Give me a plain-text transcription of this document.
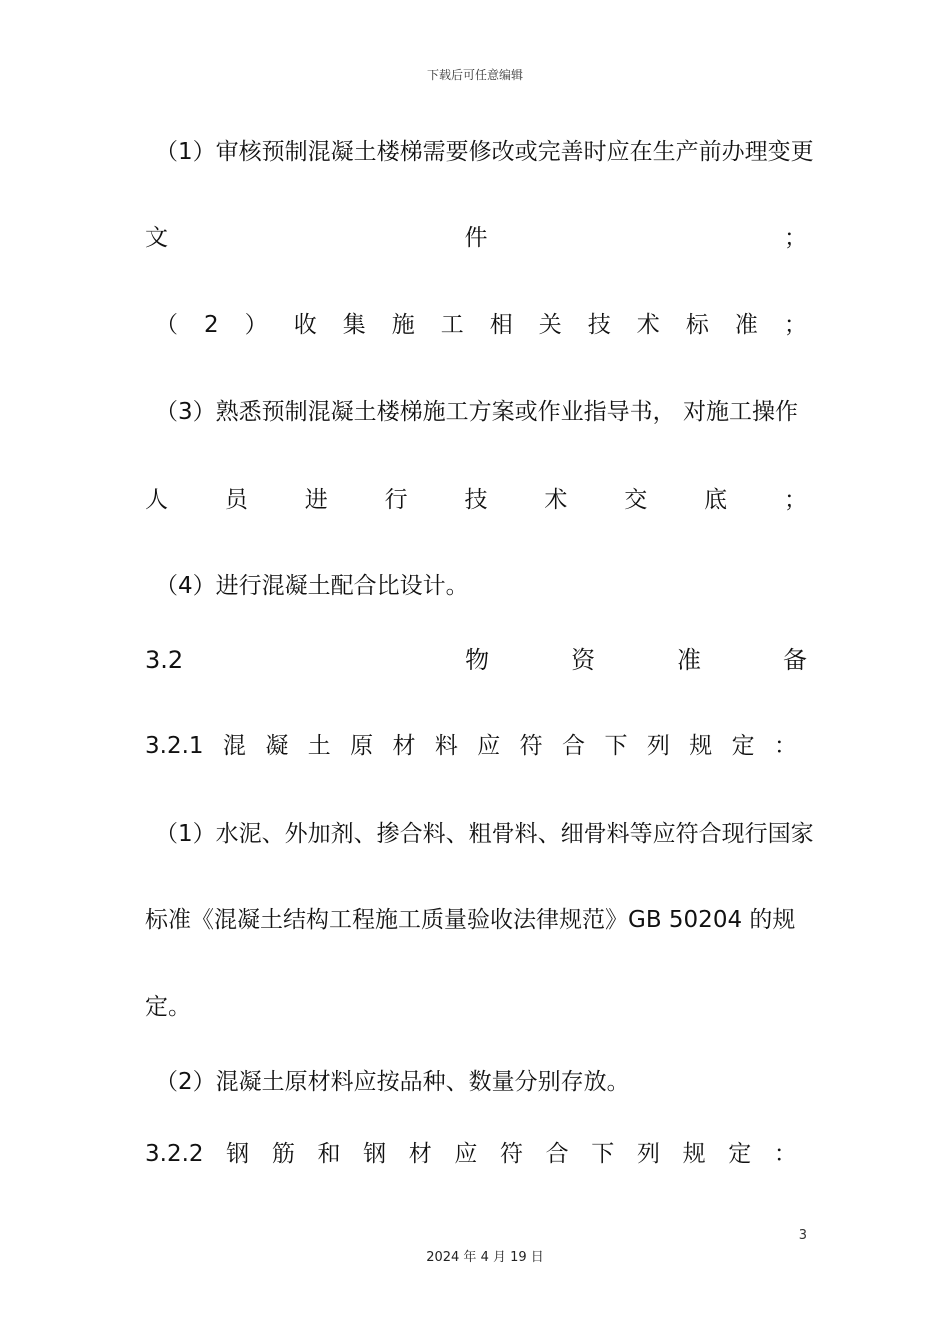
下载后可任意编辑
（1）审核预制混凝土楼梯需要修改或完善时应在生产前办理变更
文	件	；
（ 2 ） 收 集 施 工 相 关 技 术 标 准 ；
（3）熟悉预制混凝土楼梯施工方案或作业指导书， 对施工操作
人 员 进 行 技 术 交 底 ；
（4）进行混凝土配合比设计。
3.2	物	资	准	备
3.2.1 混 凝 土 原 材 料 应 符 合 下 列 规 定 ：
（1）水泥、外加剂、掺合料、粗骨料、细骨料等应符合现行国家
标准《混凝土结构工程施工质量验收法律规范》GB 50204 的规
定。
（2）混凝土原材料应按品种、数量分别存放。
3.2.2 钢 筋 和 钢 材 应 符 合 下 列 规 定 ：
3
2024 年 4 月 19 日
